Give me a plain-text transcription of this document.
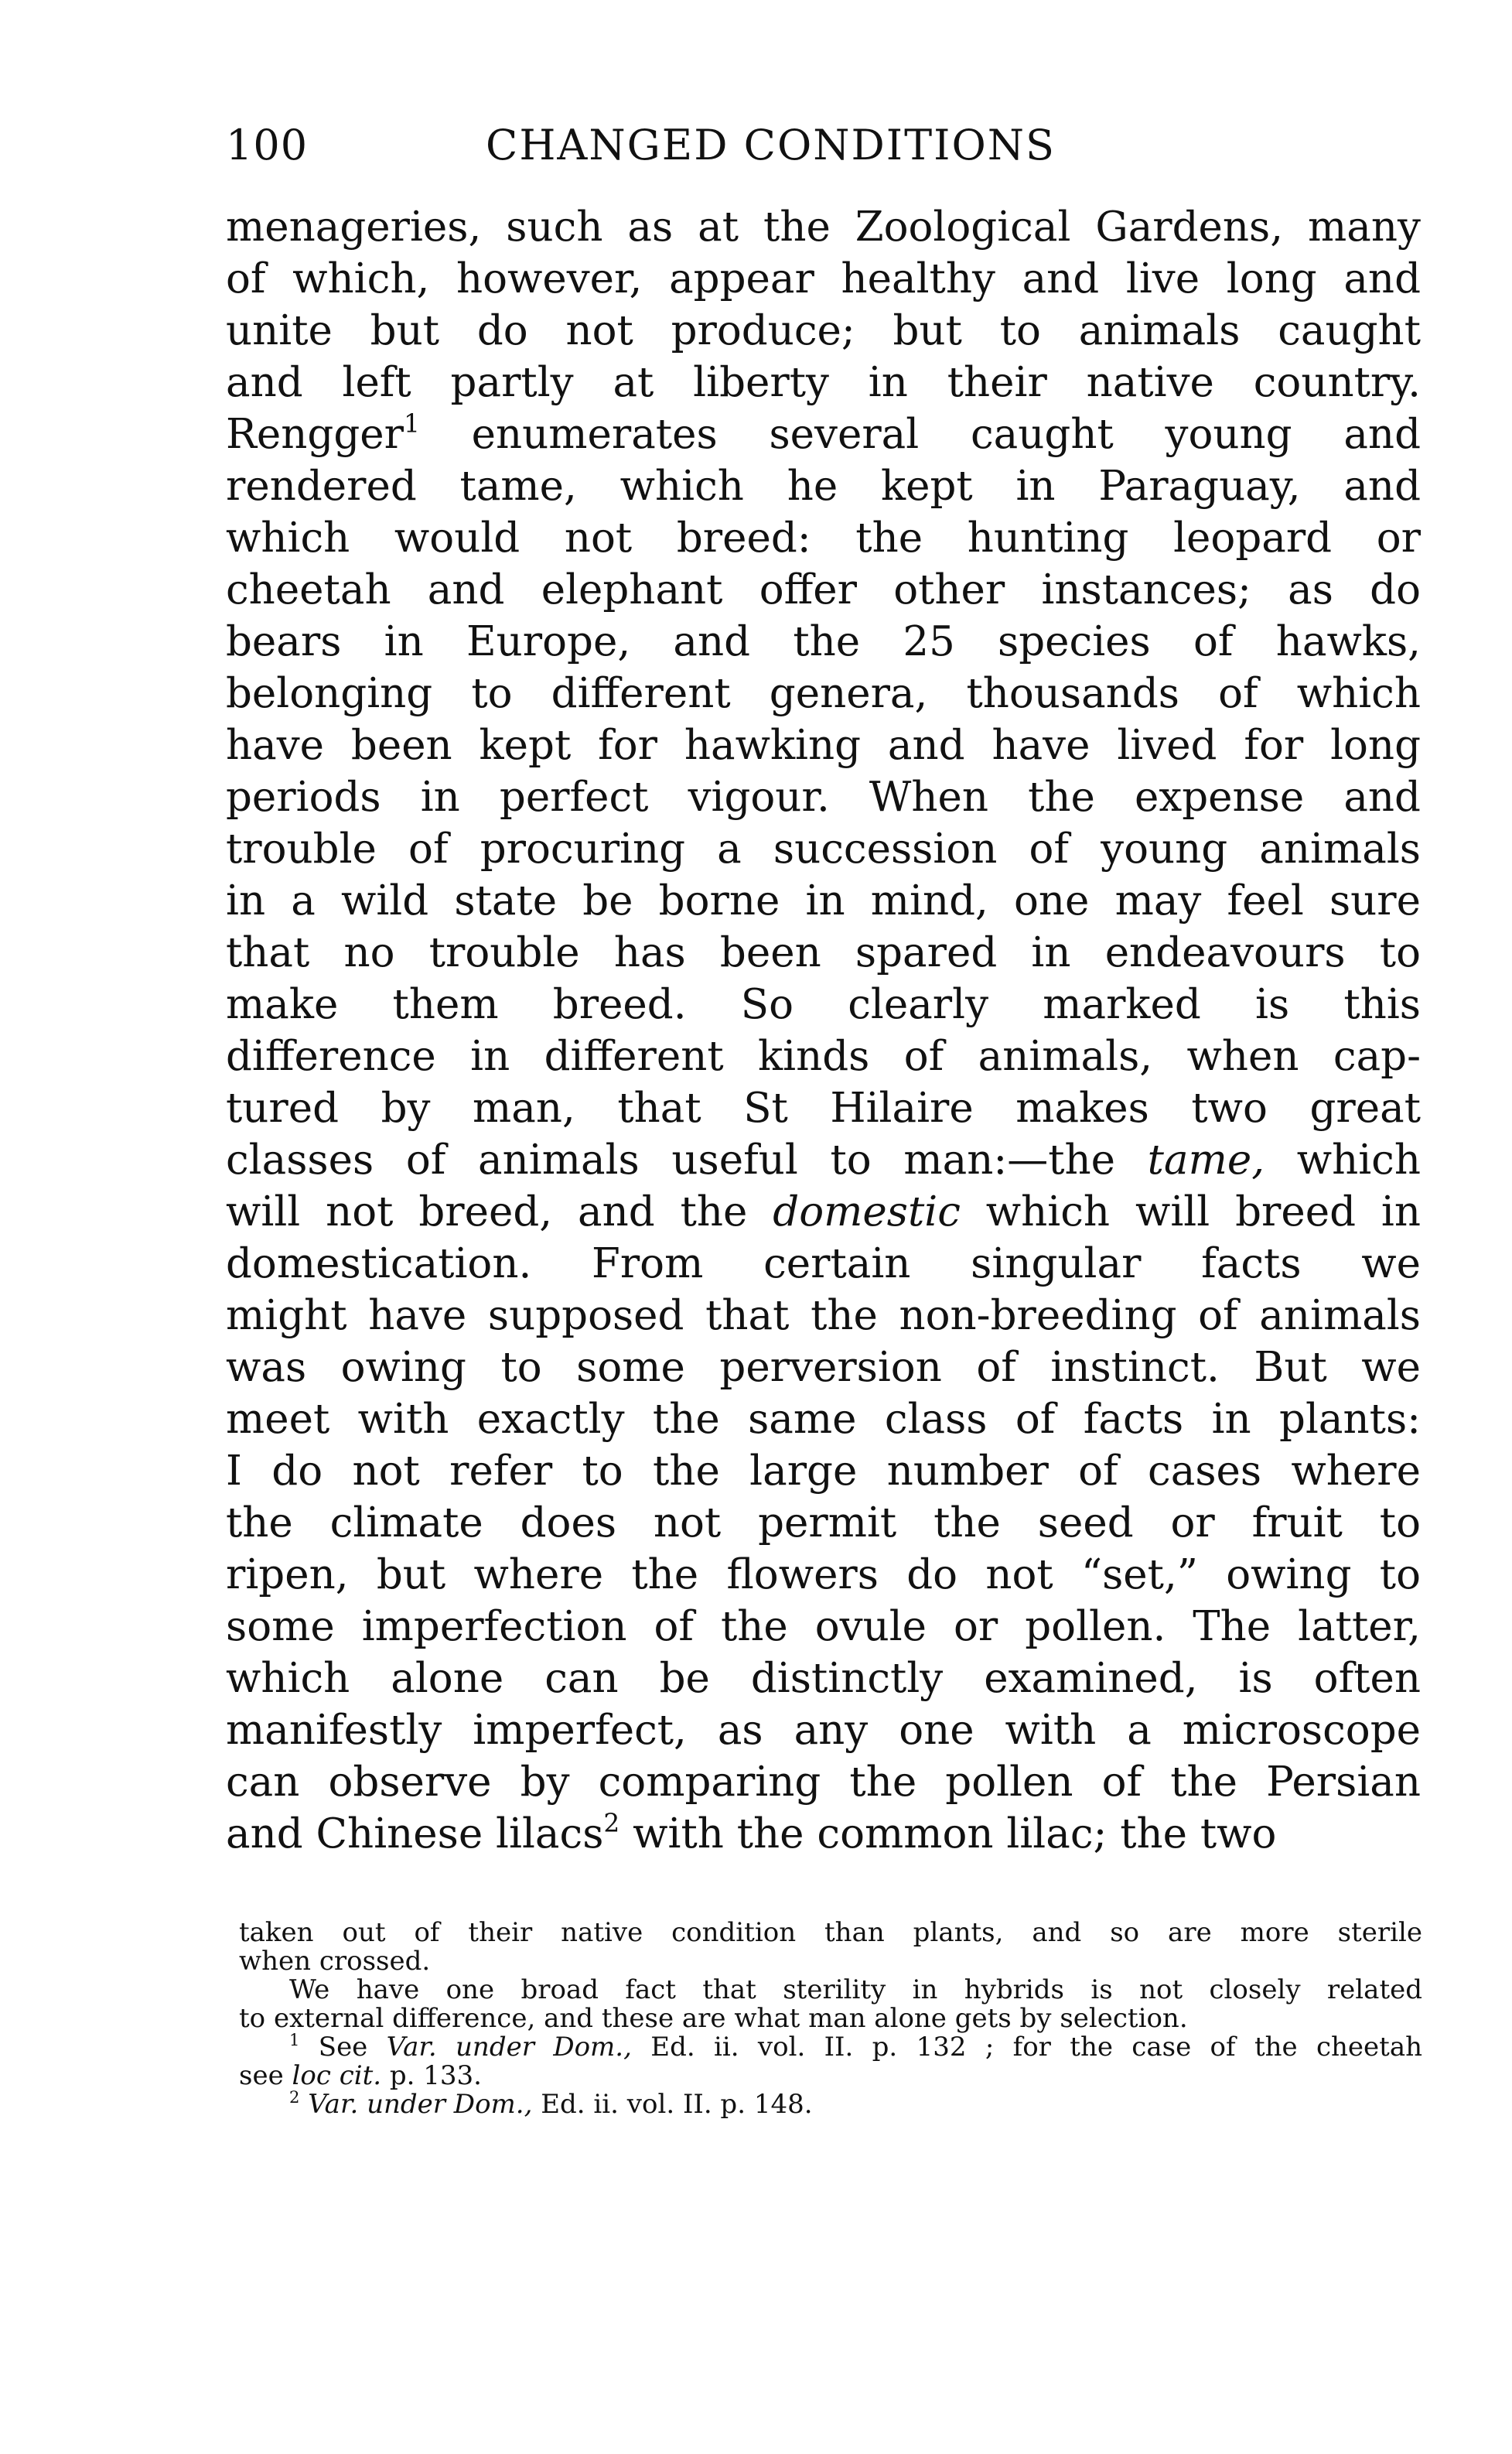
100	CHANGED CONDITIONS
menageries, such as at the Zoological Gardens, many
of which, however, appear healthy and live long and
unite but do not produce; but to animals caught
and left partly at liberty in their native country.
Rengger$^1$ enumerates several caught young and
rendered tame, which he kept in Paraguay, and
which would not breed: the hunting leopard or
cheetah and elephant offer other instances; as do
bears in Europe, and the 25 species of hawks,
belonging to different genera, thousands of which
have been kept for hawking and have lived for long
periods in perfect vigour. When the expense and
trouble of procuring a succession of young animals
in a wild state be borne in mind, one may feel sure
that no trouble has been spared in endeavours to
make them breed. So clearly marked is this
difference in different kinds of animals, when cap-
tured by man, that St Hilaire makes two great
classes of animals useful to man:—the tame, which
will not breed, and the domestic which will breed in
domestication. From certain singular facts we
might have supposed that the non-breeding of animals
was owing to some perversion of instinct. But we
meet with exactly the same class of facts in plants:
I do not refer to the large number of cases where
the climate does not permit the seed or fruit to
ripen, but where the flowers do not “set,” owing to
some imperfection of the ovule or pollen. The latter,
which alone can be distinctly examined, is often
manifestly imperfect, as any one with a microscope
can observe by comparing the pollen of the Persian
and Chinese lilacs$^2$ with the common lilac; the two
taken out of their native condition than plants, and so are more sterile
when crossed.
We have one broad fact that sterility in hybrids is not closely related
to external difference, and these are what man alone gets by selection.
$^1$ See Var. under Dom., Ed. ii. vol. II. p. 132 ; for the case of the cheetah
see loc cit. p. 133.
$^2$ Var. under Dom., Ed. ii. vol. II. p. 148.
